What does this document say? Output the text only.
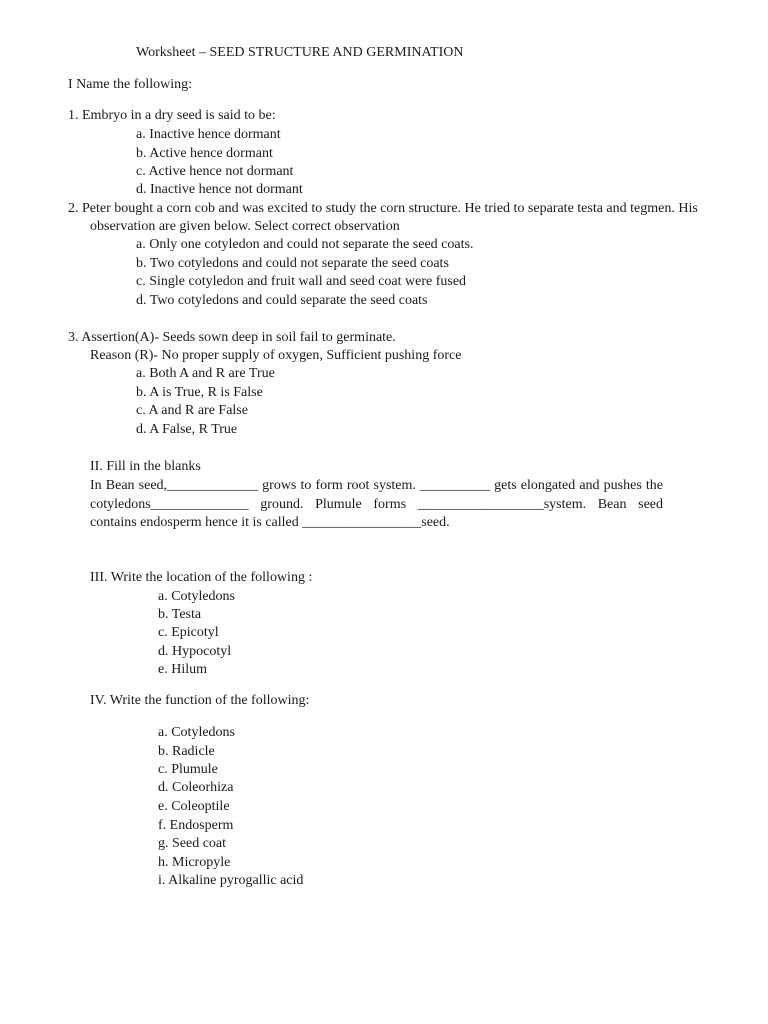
Worksheet – SEED STRUCTURE AND GERMINATION
I Name the following:
1. Embryo in a dry seed is said to be:
a. Inactive hence dormant
b. Active hence dormant
c. Active hence not dormant
d. Inactive hence not dormant
2. Peter bought a corn cob and was excited to study the corn structure. He tried to separate testa and tegmen. His
observation are given below. Select correct observation
a. Only one cotyledon and could not separate the seed coats.
b. Two cotyledons and could not separate the seed coats
c. Single cotyledon and fruit wall and seed coat were fused
d. Two cotyledons and could separate the seed coats
3. Assertion(A)- Seeds sown deep in soil fail to germinate.
Reason (R)- No proper supply of oxygen, Sufficient pushing force
a. Both A and R are True
b. A is True, R is False
c. A and R are False
d. A False, R True
II. Fill in the blanks
In Bean seed,_____________ grows to form root system. __________ gets elongated and pushes the cotyledons______________ ground. Plumule forms __________________system. Bean seed contains endosperm hence it is called _________________seed.
III. Write the location of the following :
a. Cotyledons
b. Testa
c. Epicotyl
d. Hypocotyl
e. Hilum
IV. Write the function of the following:
a. Cotyledons
b. Radicle
c. Plumule
d. Coleorhiza
e. Coleoptile
f. Endosperm
g. Seed coat
h. Micropyle
i. Alkaline pyrogallic acid
